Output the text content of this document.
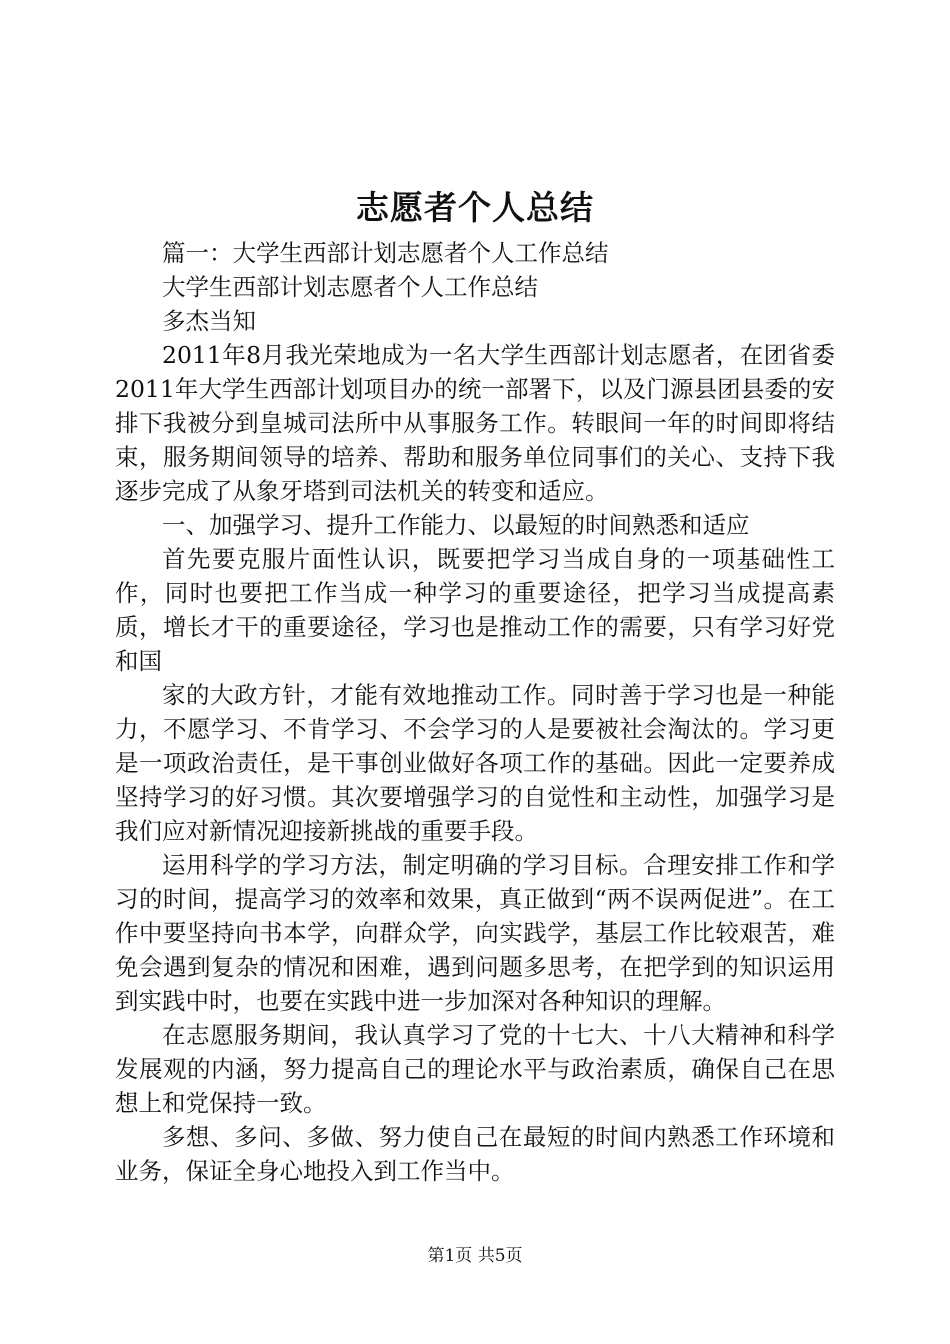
志愿者个人总结

篇一：大学生西部计划志愿者个人工作总结

大学生西部计划志愿者个人工作总结

多杰当知

2011年8月我光荣地成为一名大学生西部计划志愿者，在团省委2011年大学生西部计划项目办的统一部署下，以及门源县团县委的安排下我被分到皇城司法所中从事服务工作。转眼间一年的时间即将结束，服务期间领导的培养、帮助和服务单位同事们的关心、支持下我逐步完成了从象牙塔到司法机关的转变和适应。

一、加强学习、提升工作能力、以最短的时间熟悉和适应

首先要克服片面性认识，既要把学习当成自身的一项基础性工作，同时也要把工作当成一种学习的重要途径，把学习当成提高素质，增长才干的重要途径，学习也是推动工作的需要，只有学习好党和国

家的大政方针，才能有效地推动工作。同时善于学习也是一种能力，不愿学习、不肯学习、不会学习的人是要被社会淘汰的。学习更是一项政治责任，是干事创业做好各项工作的基础。因此一定要养成坚持学习的好习惯。其次要增强学习的自觉性和主动性，加强学习是我们应对新情况迎接新挑战的重要手段。

运用科学的学习方法，制定明确的学习目标。合理安排工作和学习的时间，提高学习的效率和效果，真正做到“两不误两促进”。在工作中要坚持向书本学，向群众学，向实践学，基层工作比较艰苦，难免会遇到复杂的情况和困难，遇到问题多思考，在把学到的知识运用到实践中时，也要在实践中进一步加深对各种知识的理解。

在志愿服务期间，我认真学习了党的十七大、十八大精神和科学发展观的内涵，努力提高自己的理论水平与政治素质，确保自己在思想上和党保持一致。

多想、多问、多做、努力使自己在最短的时间内熟悉工作环境和业务，保证全身心地投入到工作当中。

第1页 共5页
